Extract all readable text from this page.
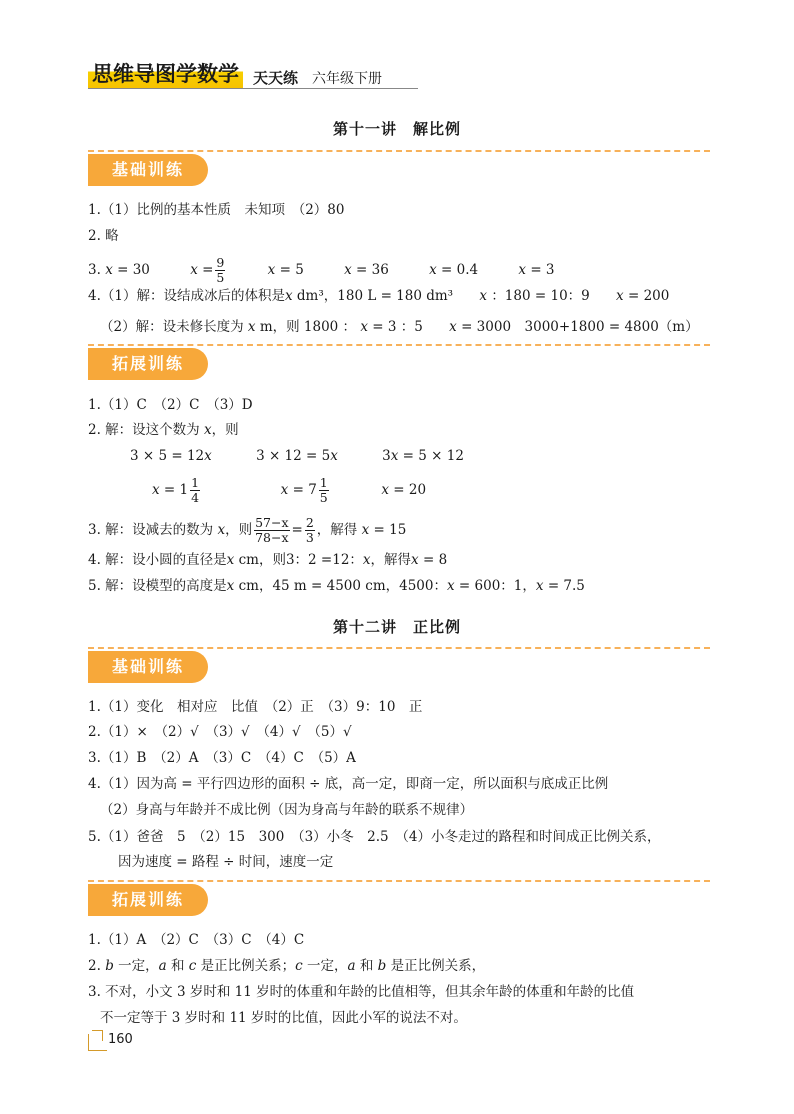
思维导图学数学 天天练 六年级下册
第十一讲　解比例
基础训练
1.（1）比例的基本性质　未知项　（2）80
2. 略
3. x = 30	$x = \frac{9}{5}$	x = 5	x = 36	x = 0.4	x = 3
4.（1）解：设结成冰后的体积是x dm³，180 L = 180 dm³ x ：180 = 10：9 x = 200
（2）解：设未修长度为 x m，则 1800 ： x = 3 ：5 x = 3000　3000+1800 = 4800（m）
拓展训练
1.（1）C　（2）C　（3）D
2. 解：设这个数为 x，则
3 × 5 = 12x	3 × 12 = 5x	3x = 5 × 12
$x = 1 \frac{1}{4}$	$x = 7 \frac{1}{5}$	x = 20
3. 解：设减去的数为 x，则 $\frac{57-x}{78-x} = \frac{2}{3}$ ，解得 x = 15
4. 解：设小圆的直径是x cm，则3：2 =12：x，解得x = 8
5. 解：设模型的高度是x cm，45 m = 4500 cm，4500：x = 600：1，x = 7.5
第十二讲　正比例
基础训练
1.（1）变化　相对应　比值　（2）正　（3）9：10　正
2.（1）×　（2）√　（3）√　（4）√　（5）√
3.（1）B　（2）A　（3）C　（4）C　（5）A
4.（1）因为高 = 平行四边形的面积 ÷ 底，高一定，即商一定，所以面积与底成正比例
（2）身高与年龄并不成比例（因为身高与年龄的联系不规律）
5.（1）爸爸　5　（2）15　300　（3）小冬　2.5　（4）小冬走过的路程和时间成正比例关系，
因为速度 = 路程 ÷ 时间，速度一定
拓展训练
1.（1）A　（2）C　（3）C　（4）C
2. b 一定，a 和 c 是正比例关系；c 一定，a 和 b 是正比例关系，
3. 不对，小文 3 岁时和 11 岁时的体重和年龄的比值相等，但其余年龄的体重和年龄的比值
不一定等于 3 岁时和 11 岁时的比值，因此小军的说法不对。
160
